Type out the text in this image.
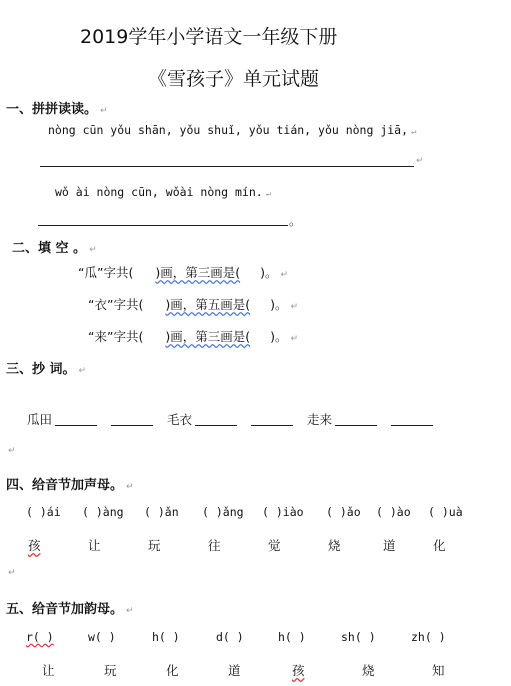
2019学年小学语文一年级下册
《雪孩子》单元试题
一、拼拼读读。 ↵
nòng cūn yǒu shān, yǒu shuǐ, yǒu tián, yǒu nòng jiā, ↵
↵
wǒ ài nòng cūn, wǒài nòng mín. ↵
。
二、填 空 。 ↵
“瓜”字共( )画，第三画是( )。 ↵
“衣”字共( )画，第五画是( )。 ↵
“来”字共( )画，第三画是( )。 ↵
三、抄 词。 ↵
瓜田	毛衣	走来
↵
四、给音节加声母。 ↵
( )ái ( )àng ( )ǎn ( )ǎng ( )iào ( )ǎo ( )ào ( )uà
孩	让	玩	往	觉	烧	道	化
↵
五、给音节加韵母。 ↵
r( )	w( )	h( )	d( )	h( )	sh( )	zh( )
让	玩	化	道	孩	烧	知
